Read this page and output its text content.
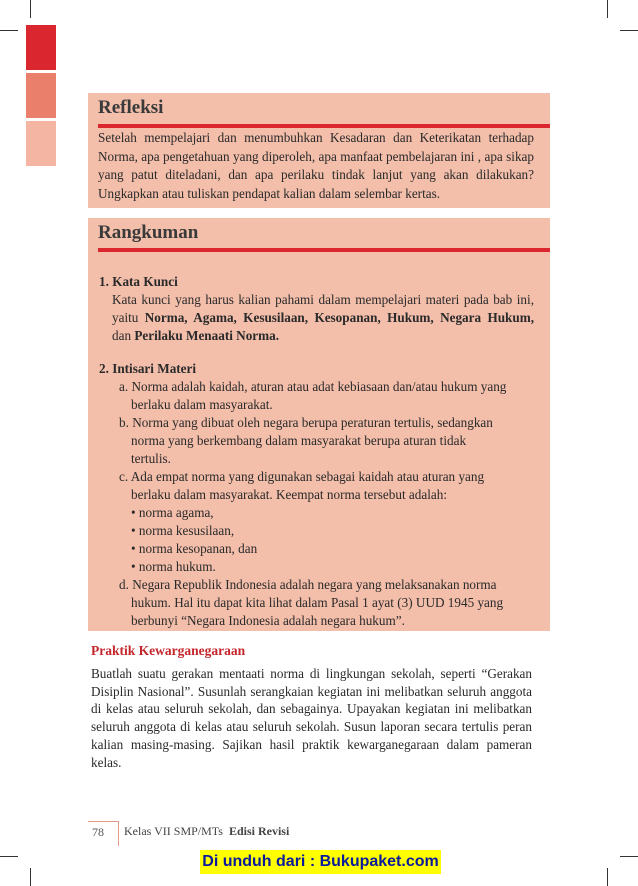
Refleksi
Setelah mempelajari dan menumbuhkan Kesadaran dan Keterikatan terhadap Norma, apa pengetahuan yang diperoleh, apa manfaat pembelajaran ini , apa sikap yang patut diteladani, dan apa perilaku tindak lanjut yang akan dilakukan? Ungkapkan atau tuliskan pendapat kalian dalam selembar kertas.
Rangkuman
1. Kata Kunci
Kata kunci yang harus kalian pahami dalam mempelajari materi pada bab ini, yaitu Norma, Agama, Kesusilaan, Kesopanan, Hukum, Negara Hukum, dan Perilaku Menaati Norma.
2. Intisari Materi
a. Norma adalah kaidah, aturan atau adat kebiasaan dan/atau hukum yang
berlaku dalam masyarakat.
b. Norma yang dibuat oleh negara berupa peraturan tertulis, sedangkan
norma yang berkembang dalam masyarakat berupa aturan tidak
tertulis.
c. Ada empat norma yang digunakan sebagai kaidah atau aturan yang
berlaku dalam masyarakat. Keempat norma tersebut adalah:
• norma agama,
• norma kesusilaan,
• norma kesopanan, dan
• norma hukum.
d. Negara Republik Indonesia adalah negara yang melaksanakan norma
hukum. Hal itu dapat kita lihat dalam Pasal 1 ayat (3) UUD 1945 yang
berbunyi “Negara Indonesia adalah negara hukum”.
Praktik Kewarganegaraan
Buatlah suatu gerakan mentaati norma di lingkungan sekolah, seperti “Gerakan Disiplin Nasional”. Susunlah serangkaian kegiatan ini melibatkan seluruh anggota di kelas atau seluruh sekolah, dan sebagainya. Upayakan kegiatan ini melibatkan seluruh anggota di kelas atau seluruh sekolah. Susun laporan secara tertulis peran kalian masing-masing. Sajikan hasil praktik kewarganegaraan dalam pameran kelas.
78 Kelas VII SMP/MTs Edisi Revisi
Di unduh dari : Bukupaket.com
